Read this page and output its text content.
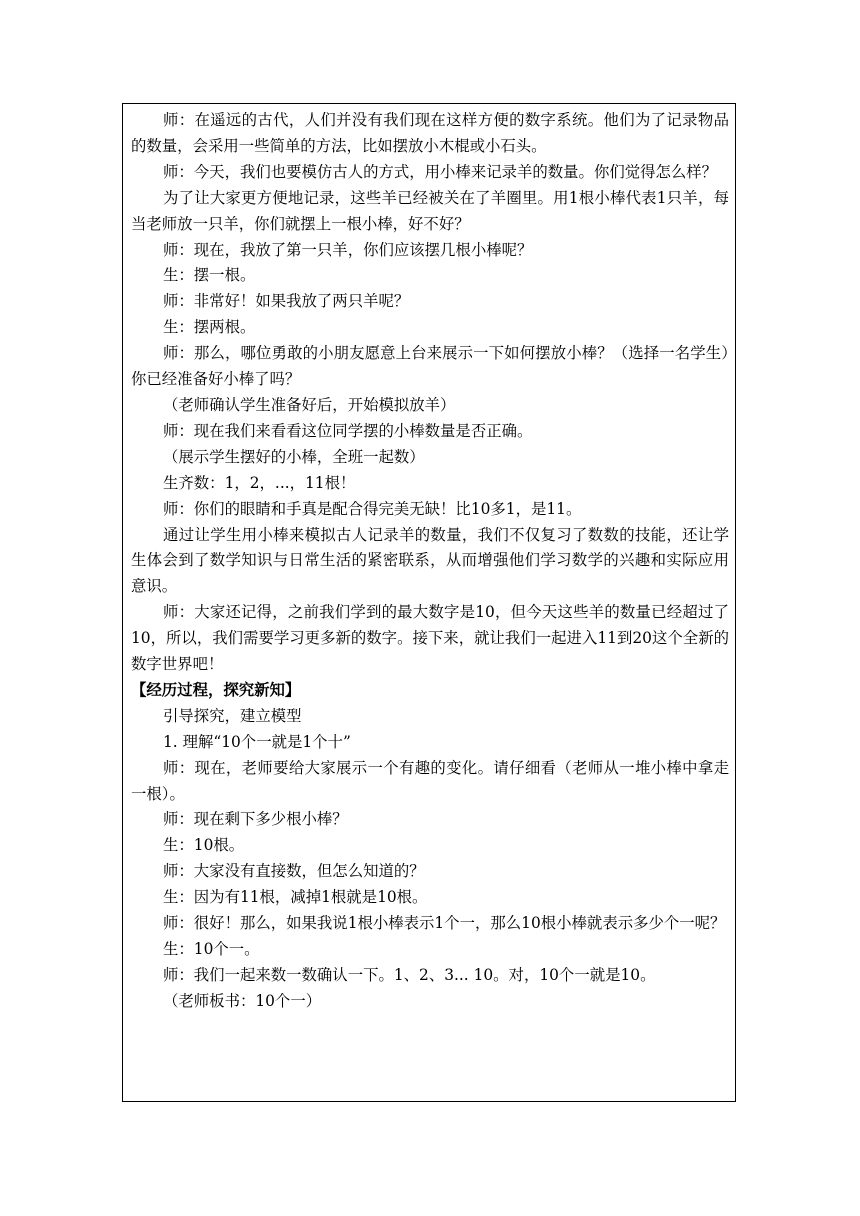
师：在遥远的古代，人们并没有我们现在这样方便的数字系统。他们为了记录物品的数量，会采用一些简单的方法，比如摆放小木棍或小石头。

师：今天，我们也要模仿古人的方式，用小棒来记录羊的数量。你们觉得怎么样？

为了让大家更方便地记录，这些羊已经被关在了羊圈里。用1根小棒代表1只羊，每当老师放一只羊，你们就摆上一根小棒，好不好？

师：现在，我放了第一只羊，你们应该摆几根小棒呢？

生：摆一根。

师：非常好！如果我放了两只羊呢？

生：摆两根。

师：那么，哪位勇敢的小朋友愿意上台来展示一下如何摆放小棒？（选择一名学生）你已经准备好小棒了吗？

（老师确认学生准备好后，开始模拟放羊）

师：现在我们来看看这位同学摆的小棒数量是否正确。

（展示学生摆好的小棒，全班一起数）

生齐数：1，2，...，11根！

师：你们的眼睛和手真是配合得完美无缺！比10多1，是11。

通过让学生用小棒来模拟古人记录羊的数量，我们不仅复习了数数的技能，还让学生体会到了数学知识与日常生活的紧密联系，从而增强他们学习数学的兴趣和实际应用意识。

师：大家还记得，之前我们学到的最大数字是10，但今天这些羊的数量已经超过了10，所以，我们需要学习更多新的数字。接下来，就让我们一起进入11到20这个全新的数字世界吧！

【经历过程，探究新知】

引导探究，建立模型

1. 理解“10个一就是1个十”

师：现在，老师要给大家展示一个有趣的变化。请仔细看（老师从一堆小棒中拿走一根）。

师：现在剩下多少根小棒？

生：10根。

师：大家没有直接数，但怎么知道的？

生：因为有11根，减掉1根就是10根。

师：很好！那么，如果我说1根小棒表示1个一，那么10根小棒就表示多少个一呢？

生：10个一。

师：我们一起来数一数确认一下。1、2、3... 10。对，10个一就是10。

（老师板书：10个一）
